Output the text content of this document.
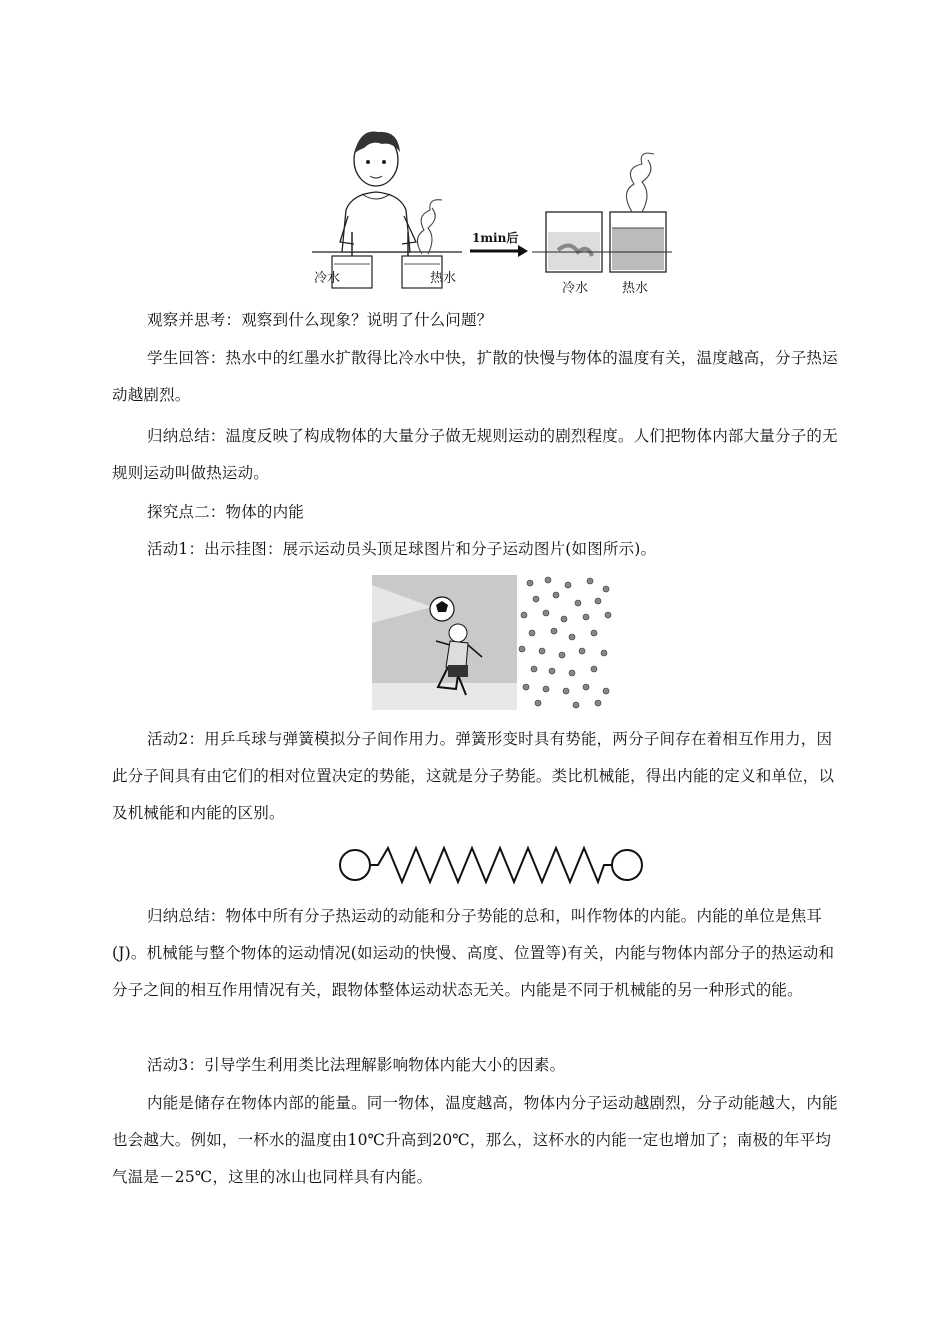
冷水	热水
1min后
冷水	热水

观察并思考：观察到什么现象？说明了什么问题？

学生回答：热水中的红墨水扩散得比冷水中快，扩散的快慢与物体的温度有关，温度越高，分子热运动越剧烈。

归纳总结：温度反映了构成物体的大量分子做无规则运动的剧烈程度。人们把物体内部大量分子的无规则运动叫做热运动。

探究点二：物体的内能

活动1：出示挂图：展示运动员头顶足球图片和分子运动图片(如图所示)。

活动2：用乒乓球与弹簧模拟分子间作用力。弹簧形变时具有势能，两分子间存在着相互作用力，因此分子间具有由它们的相对位置决定的势能，这就是分子势能。类比机械能，得出内能的定义和单位，以及机械能和内能的区别。

归纳总结：物体中所有分子热运动的动能和分子势能的总和，叫作物体的内能。内能的单位是焦耳(J)。机械能与整个物体的运动情况(如运动的快慢、高度、位置等)有关，内能与物体内部分子的热运动和分子之间的相互作用情况有关，跟物体整体运动状态无关。内能是不同于机械能的另一种形式的能。

活动3：引导学生利用类比法理解影响物体内能大小的因素。

内能是储存在物体内部的能量。同一物体，温度越高，物体内分子运动越剧烈，分子动能越大，内能也会越大。例如，一杯水的温度由10℃升高到20℃，那么，这杯水的内能一定也增加了；南极的年平均气温是－25℃，这里的冰山也同样具有内能。
